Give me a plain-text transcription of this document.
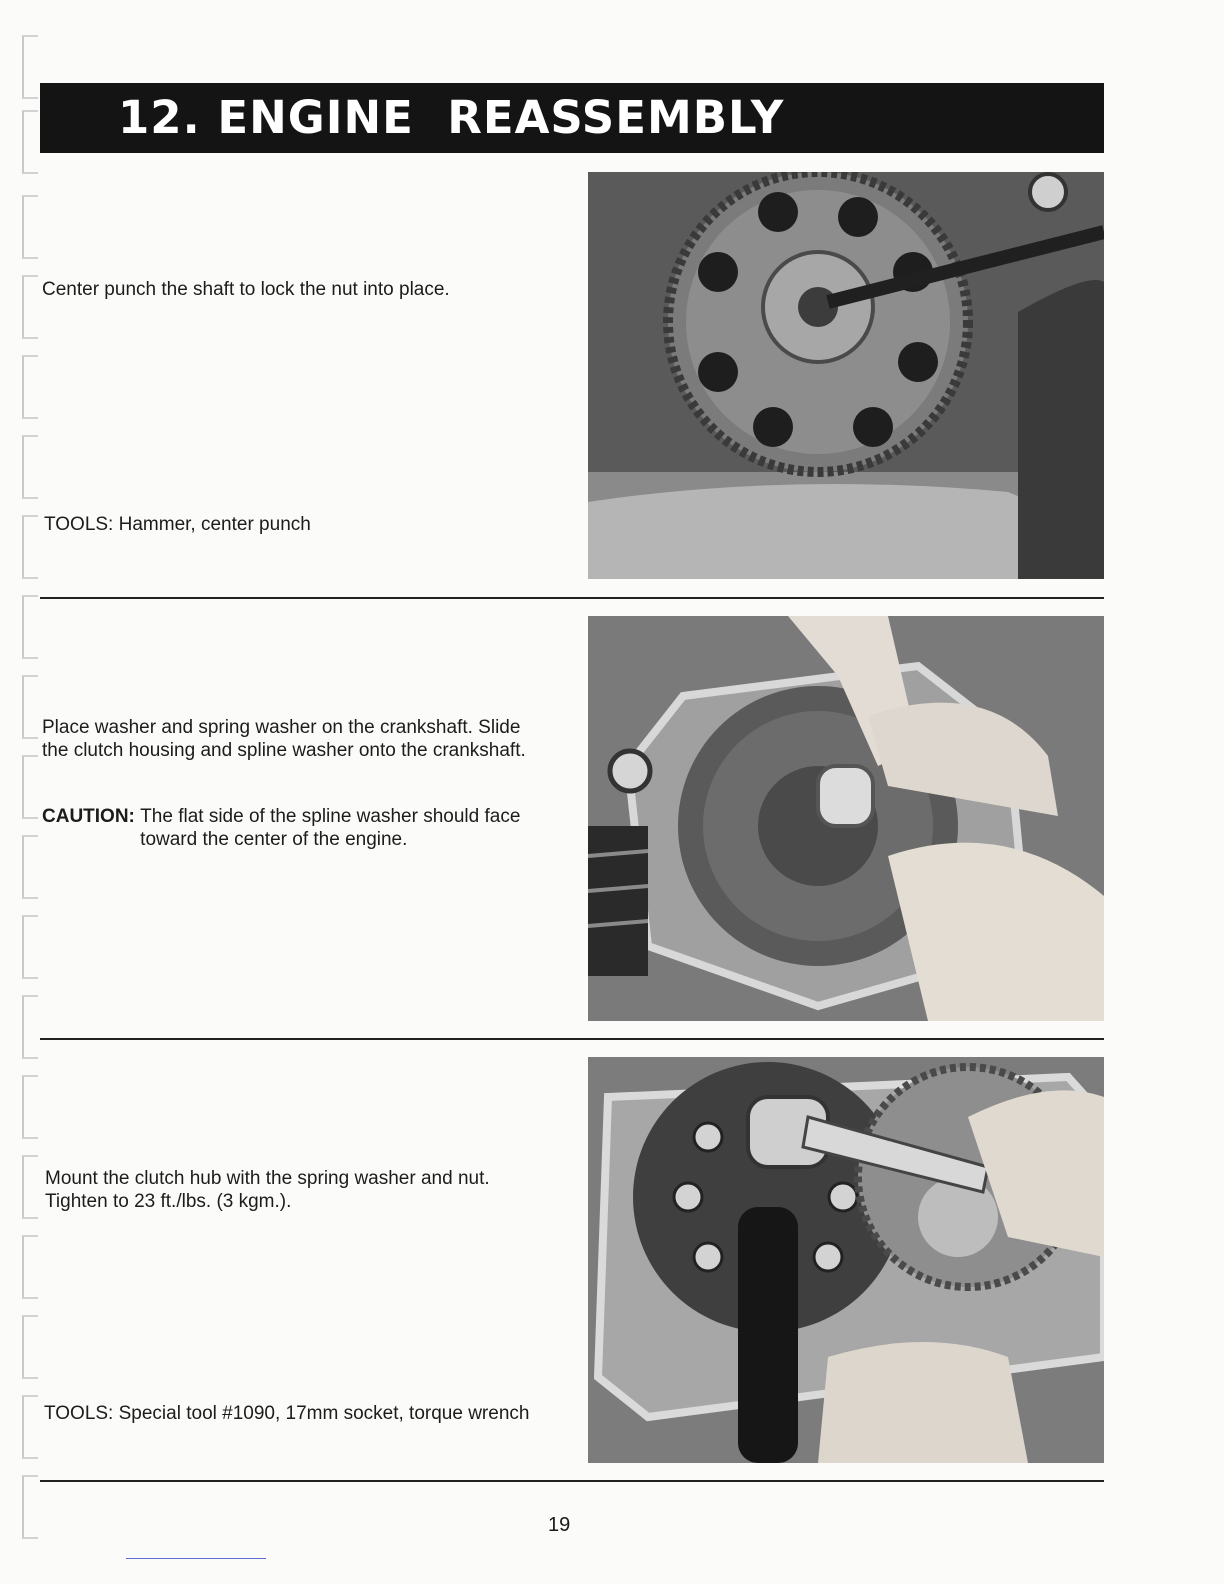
12. ENGINE  REASSEMBLY

Center punch the shaft to lock the nut into place.

TOOLS:
Hammer, center punch

Place washer and spring washer on the crankshaft. Slide the clutch housing and spline washer onto the crankshaft.

CAUTION:
The flat side of the spline washer should face toward the center of the engine.

Mount the clutch hub with the spring washer and nut. Tighten to 23 ft./lbs. (3 kgm.).

TOOLS:
Special tool #1090, 17mm socket, torque wrench
19
